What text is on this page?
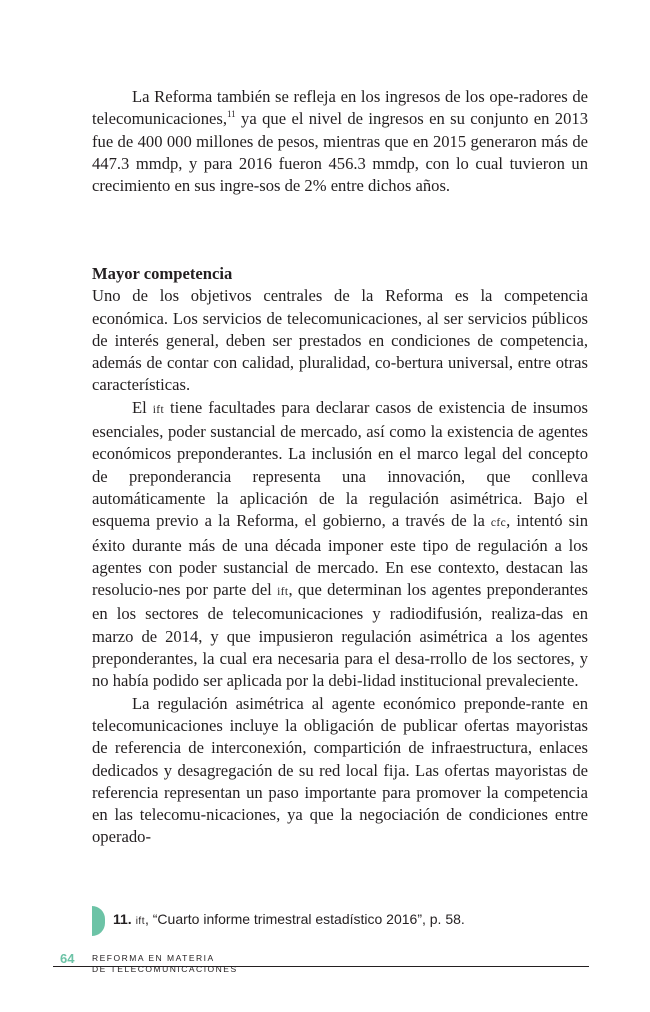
La Reforma también se refleja en los ingresos de los ope-radores de telecomunicaciones,$^{11}$ ya que el nivel de ingresos en su conjunto en 2013 fue de 400 000 millones de pesos, mientras que en 2015 generaron más de 447.3 mmdp, y para 2016 fueron 456.3 mmdp, con lo cual tuvieron un crecimiento en sus ingre-sos de 2% entre dichos años.

Mayor competencia

Uno de los objetivos centrales de la Reforma es la competencia económica. Los servicios de telecomunicaciones, al ser servicios públicos de interés general, deben ser prestados en condiciones de competencia, además de contar con calidad, pluralidad, co-bertura universal, entre otras características.

El ift tiene facultades para declarar casos de existencia de insumos esenciales, poder sustancial de mercado, así como la existencia de agentes económicos preponderantes. La inclusión en el marco legal del concepto de preponderancia representa una innovación, que conlleva automáticamente la aplicación de la regulación asimétrica. Bajo el esquema previo a la Reforma, el gobierno, a través de la cfc, intentó sin éxito durante más de una década imponer este tipo de regulación a los agentes con poder sustancial de mercado. En ese contexto, destacan las resolucio-nes por parte del ift, que determinan los agentes preponderantes en los sectores de telecomunicaciones y radiodifusión, realiza-das en marzo de 2014, y que impusieron regulación asimétrica a los agentes preponderantes, la cual era necesaria para el desa-rrollo de los sectores, y no había podido ser aplicada por la debi-lidad institucional prevaleciente.

La regulación asimétrica al agente económico preponde-rante en telecomunicaciones incluye la obligación de publicar ofertas mayoristas de referencia de interconexión, compartición de infraestructura, enlaces dedicados y desagregación de su red local fija. Las ofertas mayoristas de referencia representan un paso importante para promover la competencia en las telecomu-nicaciones, ya que la negociación de condiciones entre operado-

11. ift, “Cuarto informe trimestral estadístico 2016”, p. 58.
64 REFORMA EN MATERIA
DE TELECOMUNICACIONES
